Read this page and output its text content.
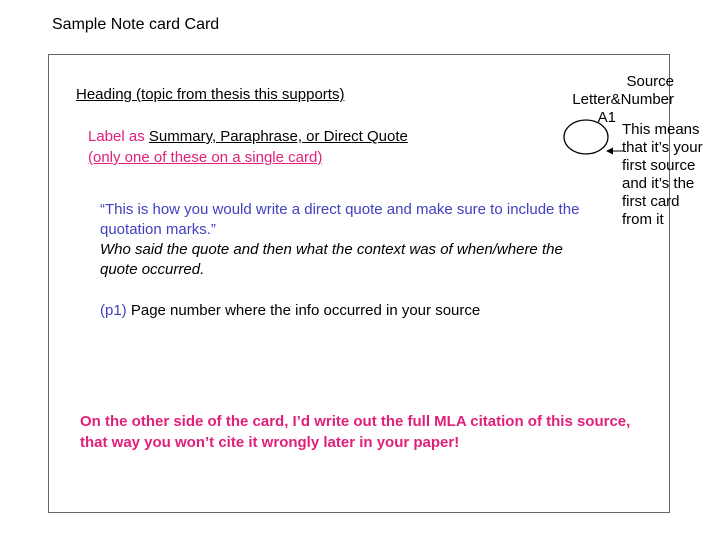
Sample Note card Card
Heading (topic from thesis this supports)
Source
Letter&Number
A1
This means that it’s your first source and it’s the first card from it
Label as Summary, Paraphrase, or Direct Quote
(only one of these on a single card)
“This is how you would write a direct quote and make sure to include the quotation marks.”
Who said the quote and then what the context was of when/where the quote occurred.
(p1) Page number where the info occurred in your source
On the other side of the card, I’d write out the full MLA citation of this source, that way you won’t cite it wrongly later in your paper!
